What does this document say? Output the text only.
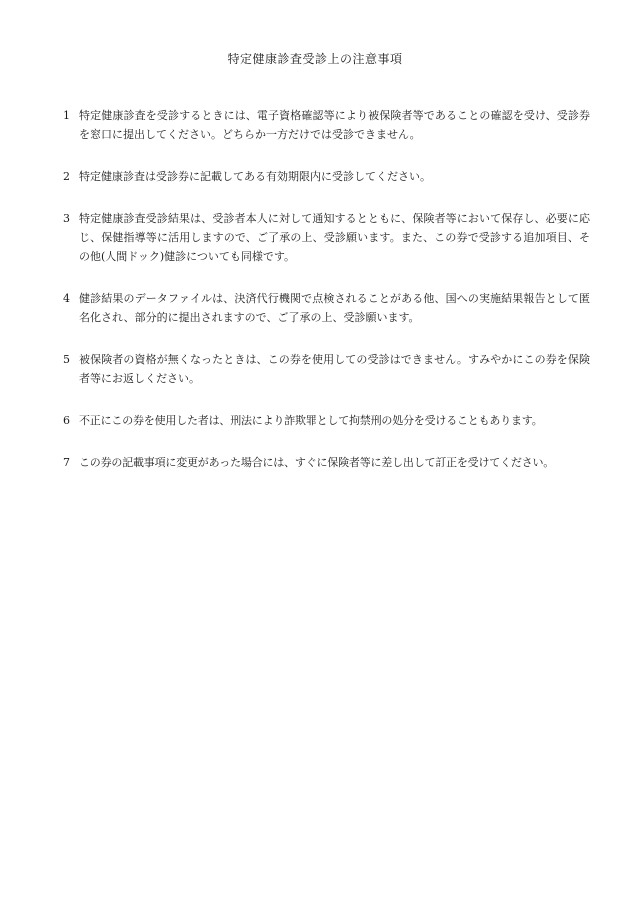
特定健康診査受診上の注意事項
1 特定健康診査を受診するときには、電子資格確認等により被保険者等であることの確認を受け、受診券を窓口に提出してください。どちらか一方だけでは受診できません。
2 特定健康診査は受診券に記載してある有効期限内に受診してください。
3 特定健康診査受診結果は、受診者本人に対して通知するとともに、保険者等において保存し、必要に応じ、保健指導等に活用しますので、ご了承の上、受診願います。また、この券で受診する追加項目、その他(人間ドック)健診についても同様です。
4 健診結果のデータファイルは、決済代行機関で点検されることがある他、国への実施結果報告として匿名化され、部分的に提出されますので、ご了承の上、受診願います。
5 被保険者の資格が無くなったときは、この券を使用しての受診はできません。すみやかにこの券を保険者等にお返しください。
6 不正にこの券を使用した者は、刑法により詐欺罪として拘禁刑の処分を受けることもあります。
7 この券の記載事項に変更があった場合には、すぐに保険者等に差し出して訂正を受けてください。
